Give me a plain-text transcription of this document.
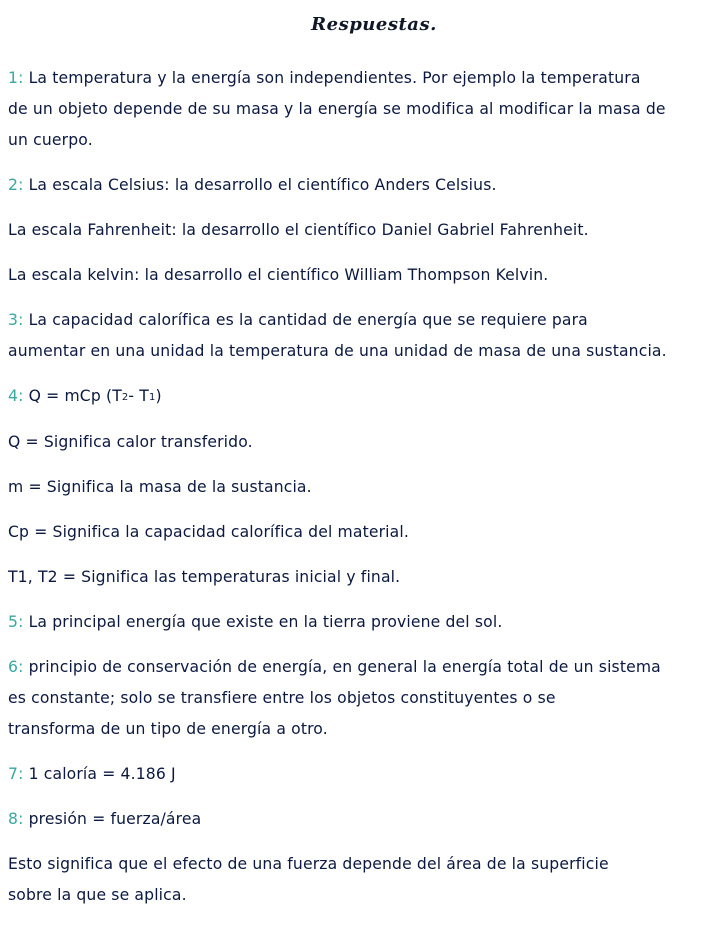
Respuestas.

1: La temperatura y la energía son independientes. Por ejemplo la temperatura
de un objeto depende de su masa y la energía se modifica al modificar la masa de
un cuerpo.

2: La escala Celsius: la desarrollo el científico Anders Celsius.

La escala Fahrenheit: la desarrollo el científico Daniel Gabriel Fahrenheit.

La escala kelvin: la desarrollo el científico William Thompson Kelvin.

3: La capacidad calorífica es la cantidad de energía que se requiere para
aumentar en una unidad la temperatura de una unidad de masa de una sustancia.

4: Q = mCp ($T_2-$ $T_1$)

Q = Significa calor transferido.

m = Significa la masa de la sustancia.

Cp = Significa la capacidad calorífica del material.

T1, T2 = Significa las temperaturas inicial y final.

5: La principal energía que existe en la tierra proviene del sol.

6: principio de conservación de energía, en general la energía total de un sistema
es constante; solo se transfiere entre los objetos constituyentes o se
transforma de un tipo de energía a otro.

7: 1 caloría = 4.186 J

8: presión = fuerza/área

Esto significa que el efecto de una fuerza depende del área de la superficie
sobre la que se aplica.
